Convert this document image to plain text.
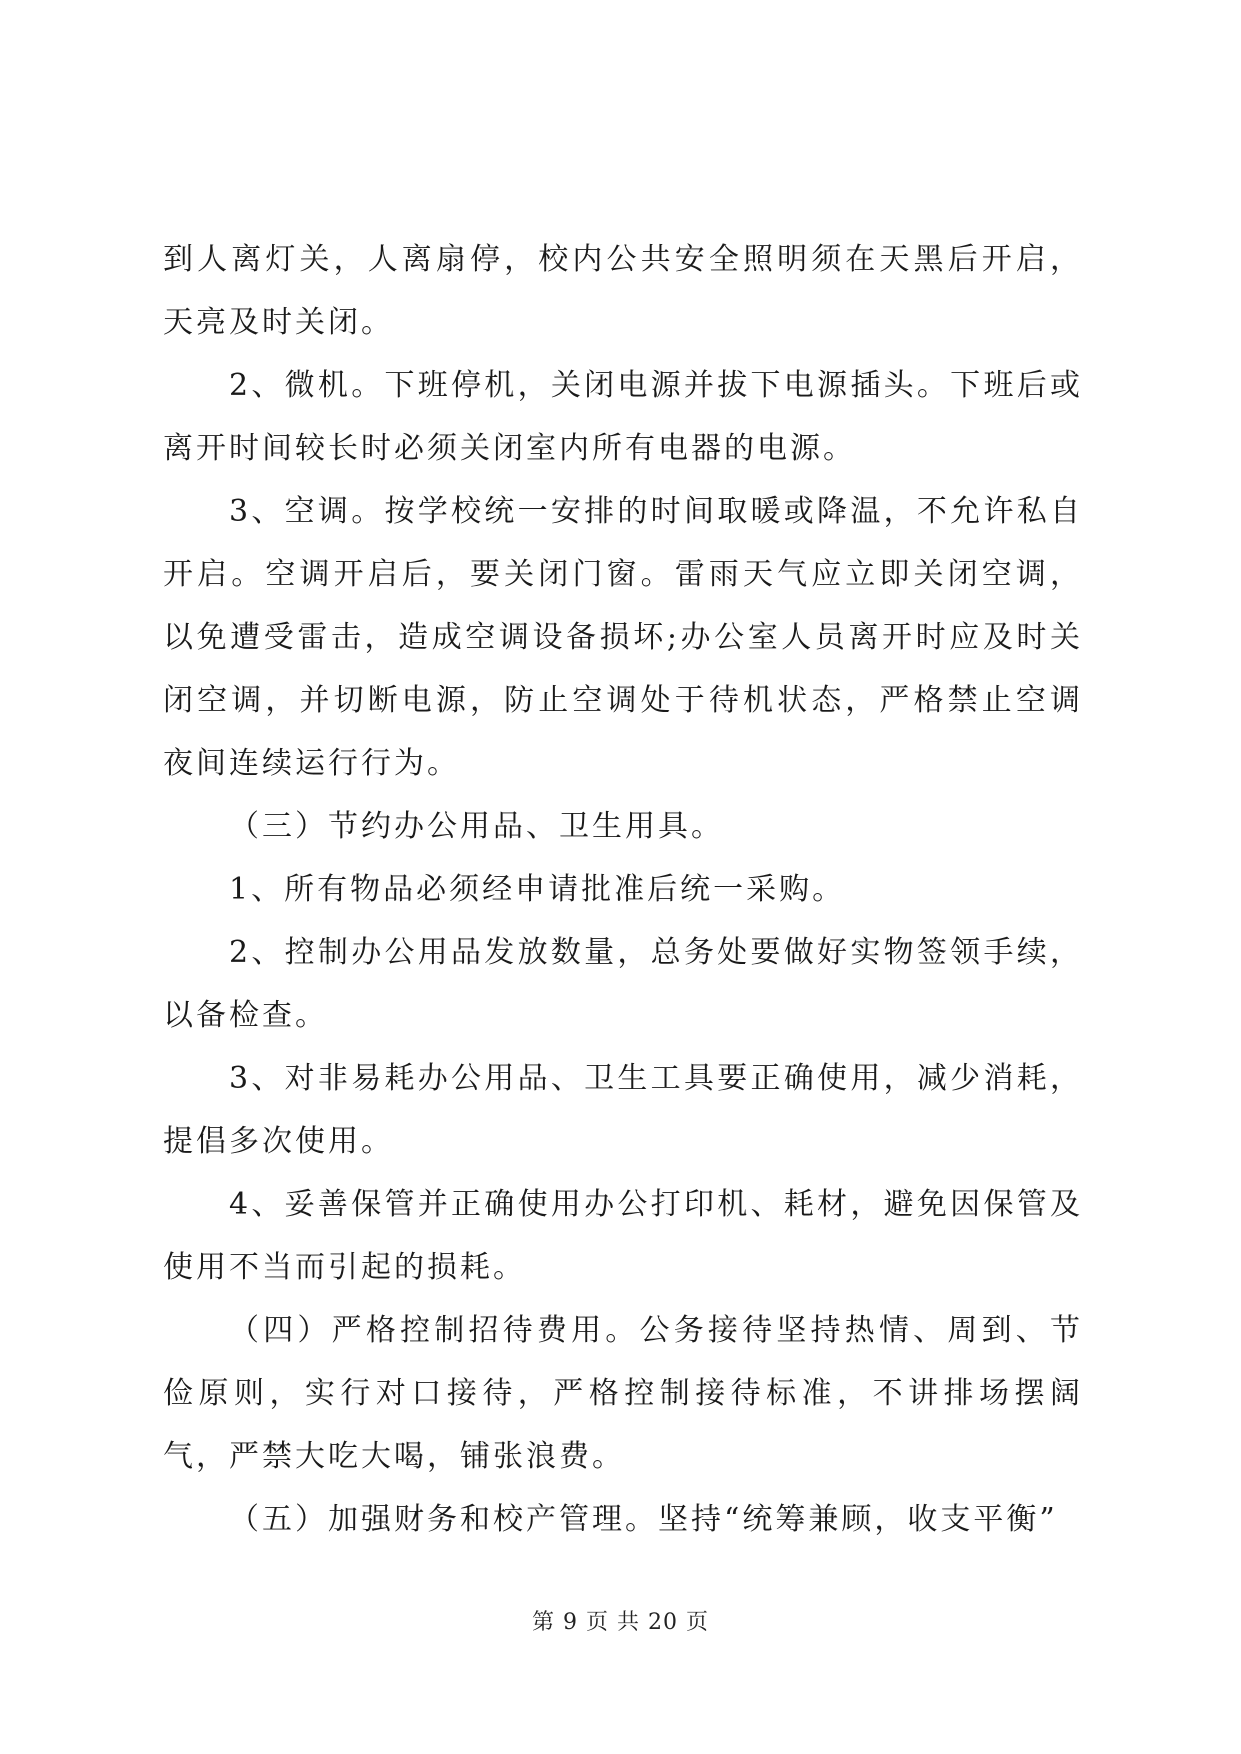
到人离灯关，人离扇停，校内公共安全照明须在天黑后开启，天亮及时关闭。

2、微机。下班停机，关闭电源并拔下电源插头。下班后或离开时间较长时必须关闭室内所有电器的电源。

3、空调。按学校统一安排的时间取暖或降温，不允许私自开启。空调开启后，要关闭门窗。雷雨天气应立即关闭空调，以免遭受雷击，造成空调设备损坏;办公室人员离开时应及时关闭空调，并切断电源，防止空调处于待机状态，严格禁止空调夜间连续运行行为。

（三）节约办公用品、卫生用具。

1、所有物品必须经申请批准后统一采购。

2、控制办公用品发放数量，总务处要做好实物签领手续，以备检查。

3、对非易耗办公用品、卫生工具要正确使用，减少消耗，提倡多次使用。

4、妥善保管并正确使用办公打印机、耗材，避免因保管及使用不当而引起的损耗。

（四）严格控制招待费用。公务接待坚持热情、周到、节俭原则，实行对口接待，严格控制接待标准，不讲排场摆阔气，严禁大吃大喝，铺张浪费。

（五）加强财务和校产管理。坚持“统筹兼顾，收支平衡”

第 9 页 共 20 页
